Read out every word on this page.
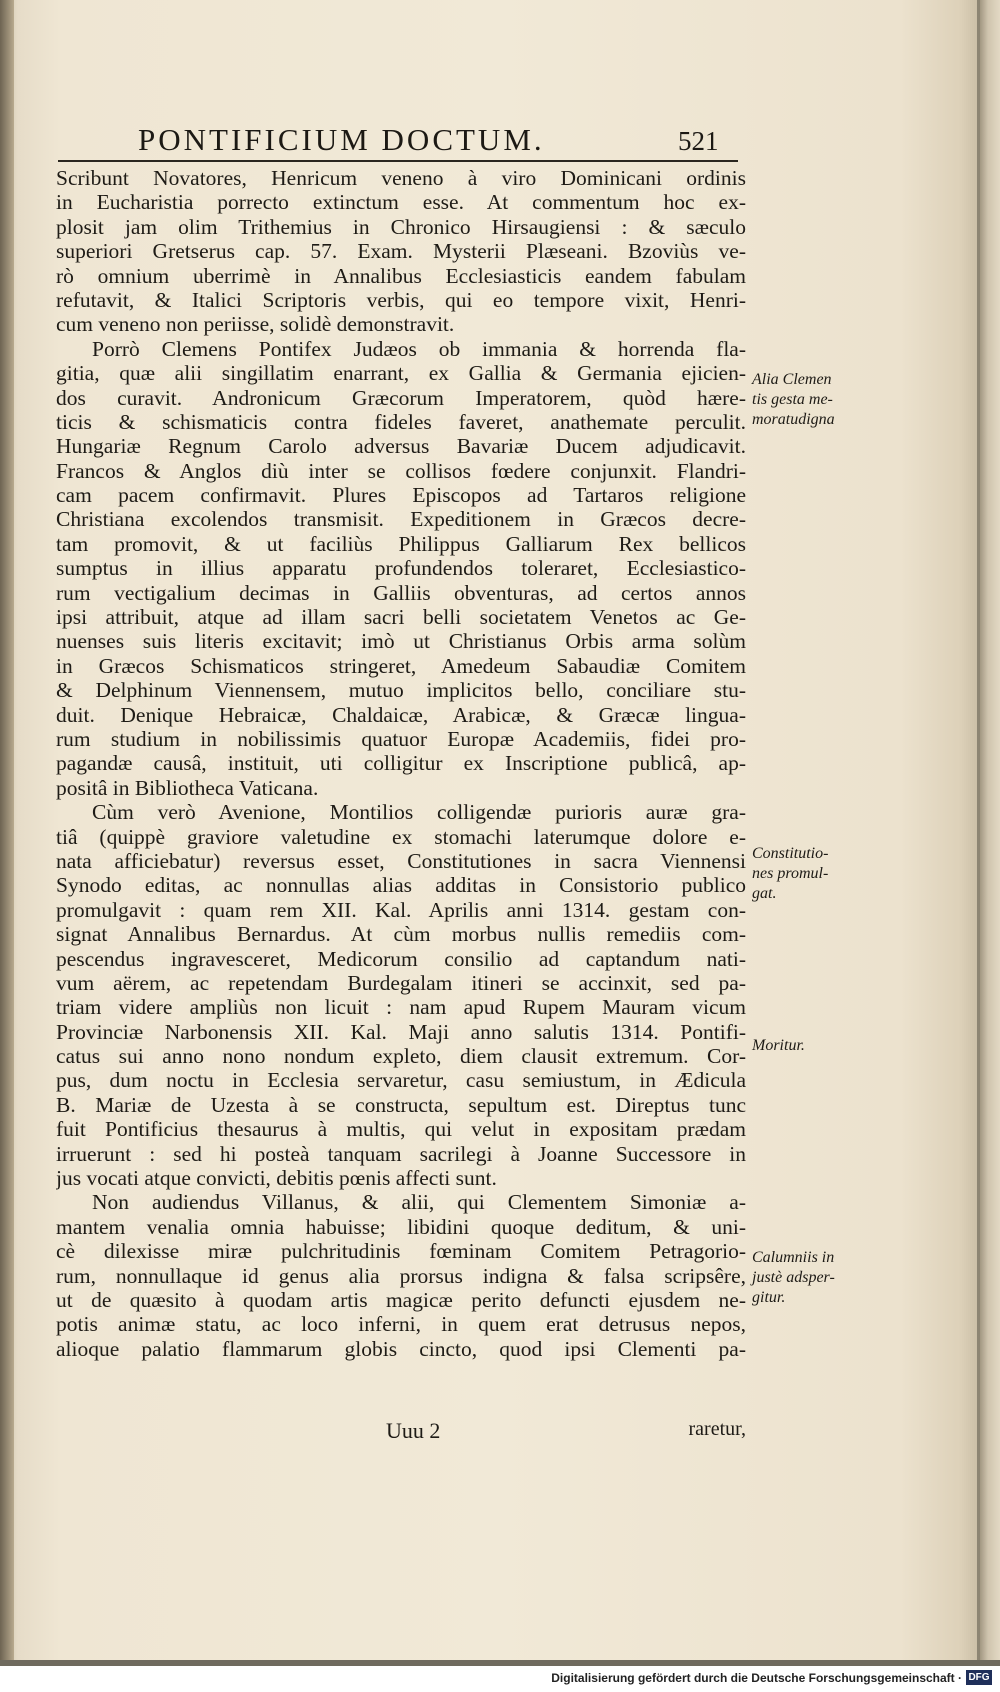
PONTIFICIUM DOCTUM.	521
Scribunt Novatores, Henricum veneno à viro Dominicani ordinis
in Eucharistia porrecto extinctum esse. At commentum hoc ex-
plosit jam olim Trithemius in Chronico Hirsaugiensi : & sæculo
superiori Gretserus cap. 57. Exam. Mysterii Plæseani. Bzoviùs ve-
rò omnium uberrimè in Annalibus Ecclesiasticis eandem fabulam
refutavit, & Italici Scriptoris verbis, qui eo tempore vixit, Henri-
cum veneno non periisse, solidè demonstravit.
Porrò Clemens Pontifex Judæos ob immania & horrenda fla-
gitia, quæ alii singillatim enarrant, ex Gallia & Germania ejicien-
dos curavit. Andronicum Græcorum Imperatorem, quòd hære-
ticis & schismaticis contra fideles faveret, anathemate perculit.
Hungariæ Regnum Carolo adversus Bavariæ Ducem adjudicavit.
Francos & Anglos diù inter se collisos fœdere conjunxit. Flandri-
cam pacem confirmavit. Plures Episcopos ad Tartaros religione
Christiana excolendos transmisit. Expeditionem in Græcos decre-
tam promovit, & ut faciliùs Philippus Galliarum Rex bellicos
sumptus in illius apparatu profundendos toleraret, Ecclesiastico-
rum vectigalium decimas in Galliis obventuras, ad certos annos
ipsi attribuit, atque ad illam sacri belli societatem Venetos ac Ge-
nuenses suis literis excitavit; imò ut Christianus Orbis arma solùm
in Græcos Schismaticos stringeret, Amedeum Sabaudiæ Comitem
& Delphinum Viennensem, mutuo implicitos bello, conciliare stu-
duit. Denique Hebraicæ, Chaldaicæ, Arabicæ, & Græcæ lingua-
rum studium in nobilissimis quatuor Europæ Academiis, fidei pro-
pagandæ causâ, instituit, uti colligitur ex Inscriptione publicâ, ap-
positâ in Bibliotheca Vaticana.
Cùm verò Avenione, Montilios colligendæ purioris auræ gra-
tiâ (quippè graviore valetudine ex stomachi laterumque dolore e-
nata afficiebatur) reversus esset, Constitutiones in sacra Viennensi
Synodo editas, ac nonnullas alias additas in Consistorio publico
promulgavit : quam rem XII. Kal. Aprilis anni 1314. gestam con-
signat Annalibus Bernardus. At cùm morbus nullis remediis com-
pescendus ingravesceret, Medicorum consilio ad captandum nati-
vum aërem, ac repetendam Burdegalam itineri se accinxit, sed pa-
triam videre ampliùs non licuit : nam apud Rupem Mauram vicum
Provinciæ Narbonensis XII. Kal. Maji anno salutis 1314. Pontifi-
catus sui anno nono nondum expleto, diem clausit extremum. Cor-
pus, dum noctu in Ecclesia servaretur, casu semiustum, in Ædicula
B. Mariæ de Uzesta à se constructa, sepultum est. Direptus tunc
fuit Pontificius thesaurus à multis, qui velut in expositam prædam
irruerunt : sed hi posteà tanquam sacrilegi à Joanne Successore in
jus vocati atque convicti, debitis pœnis affecti sunt.
Non audiendus Villanus, & alii, qui Clementem Simoniæ a-
mantem venalia omnia habuisse; libidini quoque deditum, & uni-
cè dilexisse miræ pulchritudinis fœminam Comitem Petragorio-
rum, nonnullaque id genus alia prorsus indigna & falsa scripsêre,
ut de quæsito à quodam artis magicæ perito defuncti ejusdem ne-
potis animæ statu, ac loco inferni, in quem erat detrusus nepos,
alioque palatio flammarum globis cincto, quod ipsi Clementi pa-
Alia Clemen
tis gesta me-
moratudigna
Constitutio-
nes promul-
gat.
Moritur.
Calumniis in
justè adsper-
gitur.
Uuu 2	raretur,
Digitalisierung gefördert durch die Deutsche Forschungsgemeinschaft · DFG
